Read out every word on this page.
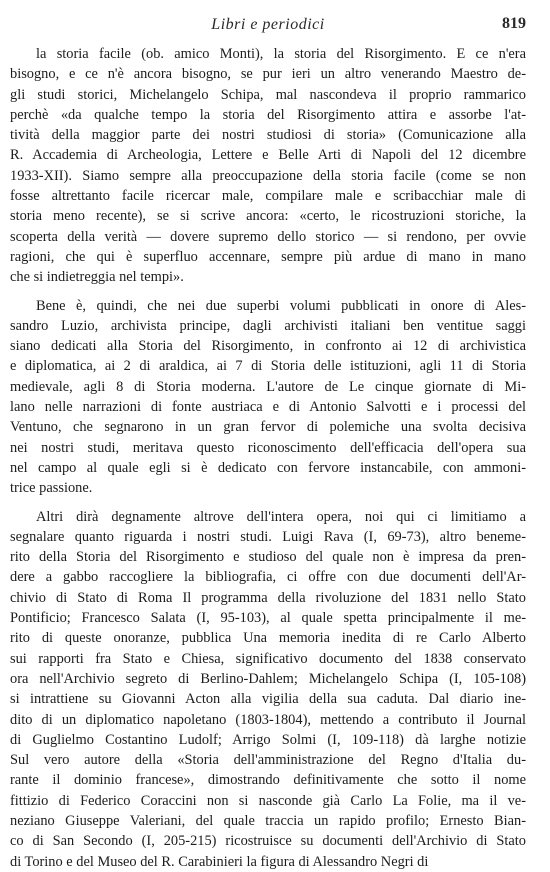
Libri e periodici	819
la storia facile (ob. amico Monti), la storia del Risorgimento. E ce n'era
bisogno, e ce n'è ancora bisogno, se pur ieri un altro venerando Maestro de-
gli studi storici, Michelangelo Schipa, mal nascondeva il proprio rammarico
perchè «da qualche tempo la storia del Risorgimento attira e assorbe l'at-
tività della maggior parte dei nostri studiosi di storia» (Comunicazione alla
R. Accademia di Archeologia, Lettere e Belle Arti di Napoli del 12 dicembre
1933-XII). Siamo sempre alla preoccupazione della storia facile (come se non
fosse altrettanto facile ricercar male, compilare male e scribacchiar male di
storia meno recente), se si scrive ancora: «certo, le ricostruzioni storiche, la
scoperta della verità — dovere supremo dello storico — si rendono, per ovvie
ragioni, che qui è superfluo accennare, sempre più ardue di mano in mano
che si indietreggia nel tempi».
Bene è, quindi, che nei due superbi volumi pubblicati in onore di Ales-
sandro Luzio, archivista principe, dagli archivisti italiani ben ventitue saggi
siano dedicati alla Storia del Risorgimento, in confronto ai 12 di archivistica
e diplomatica, ai 2 di araldica, ai 7 di Storia delle istituzioni, agli 11 di Storia
medievale, agli 8 di Storia moderna. L'autore de Le cinque giornate di Mi-
lano nelle narrazioni di fonte austriaca e di Antonio Salvotti e i processi del
Ventuno, che segnarono in un gran fervor di polemiche una svolta decisiva
nei nostri studi, meritava questo riconoscimento dell'efficacia dell'opera sua
nel campo al quale egli si è dedicato con fervore instancabile, con ammoni-
trice passione.
Altri dirà degnamente altrove dell'intera opera, noi qui ci limitiamo a
segnalare quanto riguarda i nostri studi. Luigi Rava (I, 69-73), altro beneme-
rito della Storia del Risorgimento e studioso del quale non è impresa da pren-
dere a gabbo raccogliere la bibliografia, ci offre con due documenti dell'Ar-
chivio di Stato di Roma Il programma della rivoluzione del 1831 nello Stato
Pontificio; Francesco Salata (I, 95-103), al quale spetta principalmente il me-
rito di queste onoranze, pubblica Una memoria inedita di re Carlo Alberto
sui rapporti fra Stato e Chiesa, significativo documento del 1838 conservato
ora nell'Archivio segreto di Berlino-Dahlem; Michelangelo Schipa (I, 105-108)
si intrattiene su Giovanni Acton alla vigilia della sua caduta. Dal diario ine-
dito di un diplomatico napoletano (1803-1804), mettendo a contributo il Journal
di Guglielmo Costantino Ludolf; Arrigo Solmi (I, 109-118) dà larghe notizie
Sul vero autore della «Storia dell'amministrazione del Regno d'Italia du-
rante il dominio francese», dimostrando definitivamente che sotto il nome
fittizio di Federico Coraccini non si nasconde già Carlo La Folie, ma il ve-
neziano Giuseppe Valeriani, del quale traccia un rapido profilo; Ernesto Bian-
co di San Secondo (I, 205-215) ricostruisce su documenti dell'Archivio di Stato
di Torino e del Museo del R. Carabinieri la figura di Alessandro Negri di
